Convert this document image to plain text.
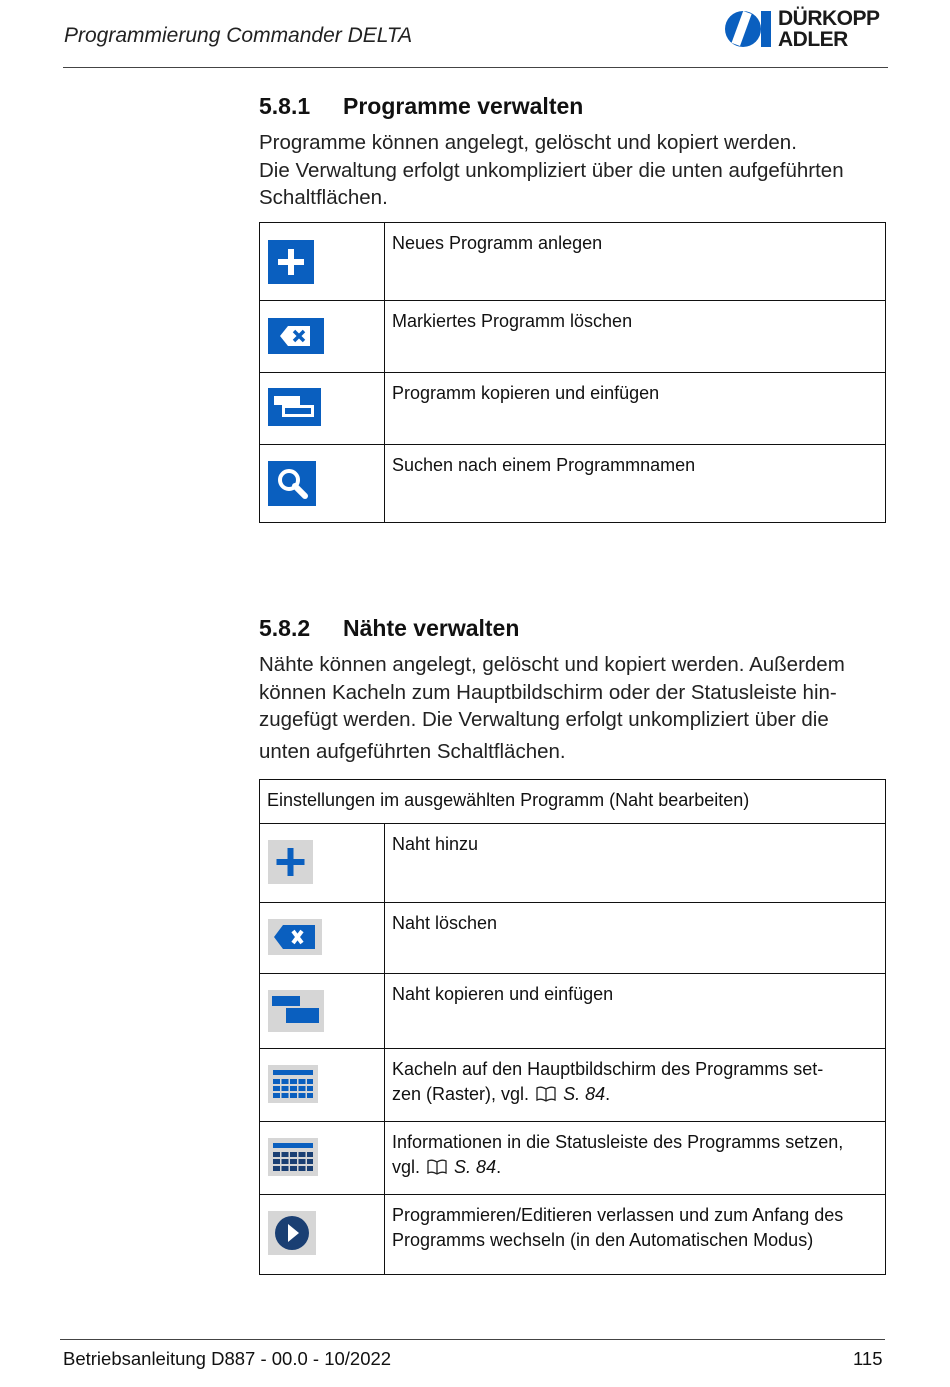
Programmierung Commander DELTA
DÜRKOPP
ADLER
5.8.1 Programme verwalten
Programme können angelegt, gelöscht und kopiert werden.
Die Verwaltung erfolgt unkompliziert über die unten aufgeführten
Schaltflächen.
	Neues Programm anlegen

	Markiertes Programm löschen

	Programm kopieren und einfügen

	Suchen nach einem Programmnamen
5.8.2 Nähte verwalten
Nähte können angelegt, gelöscht und kopiert werden. Außerdem
können Kacheln zum Hauptbildschirm oder der Statusleiste hin-
zugefügt werden. Die Verwaltung erfolgt unkompliziert über die
unten aufgeführten Schaltflächen.
Einstellungen im ausgewählten Programm (Naht bearbeiten)	

	Naht hinzu

	Naht löschen

	Naht kopieren und einfügen

Kacheln auf den Hauptbildschirm des Programms set-
zen (Raster), vgl. S. 84.

Informationen in die Statusleiste des Programms setzen,
vgl. S. 84.

Programmieren/Editieren verlassen und zum Anfang des
Programms wechseln (in den Automatischen Modus)
Betriebsanleitung D887 - 00.0 - 10/2022	115
